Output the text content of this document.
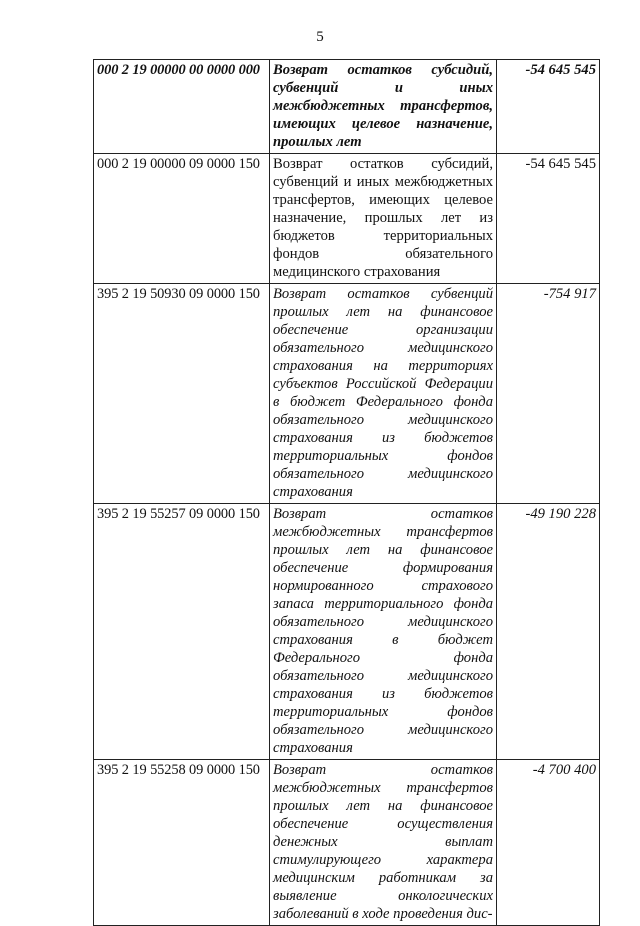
5
000 2 19 00000 00 0000 000	Возврат остатков субсидий, субвенций и иных межбюджетных трансфертов, имеющих целевое назначение, прошлых лет	-54 645 545
000 2 19 00000 09 0000 150	Возврат остатков субсидий, субвенций и иных межбюджетных трансфертов, имеющих целевое назначение, прошлых лет из бюджетов территориальных фондов обязательного медицинского страхования	-54 645 545
395 2 19 50930 09 0000 150	Возврат остатков субвенций прошлых лет на финансовое обеспечение организации обязательного медицинского страхования на территориях субъектов Российской Федерации в бюджет Федерального фонда обязательного медицинского страхования из бюджетов территориальных фондов обязательного медицинского страхования	-754 917
395 2 19 55257 09 0000 150	Возврат остатков межбюджетных трансфертов прошлых лет на финансовое обеспечение формирования нормированного страхового запаса территориального фонда обязательного медицинского страхования в бюджет Федерального фонда обязательного медицинского страхования из бюджетов территориальных фондов обязательного медицинского страхования	-49 190 228
395 2 19 55258 09 0000 150	Возврат остатков межбюджетных трансфертов прошлых лет на финансовое обеспечение осуществления денежных выплат стимулирующего характера медицинским работникам за выявление онкологических заболеваний в ходе проведения дис-	-4 700 400
